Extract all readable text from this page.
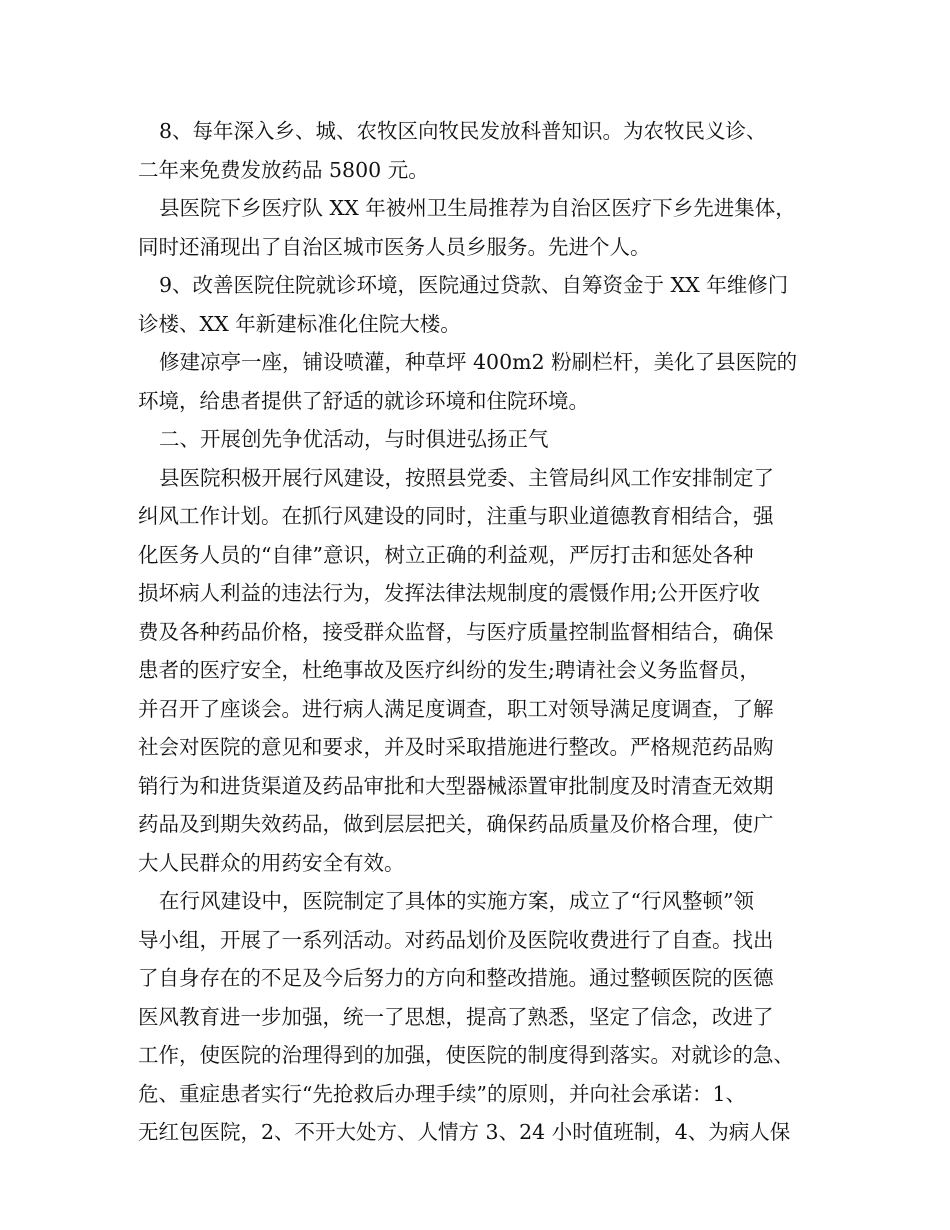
8、每年深入乡、城、农牧区向牧民发放科普知识。为农牧民义诊、
二年来免费发放药品 5800 元。
县医院下乡医疗队 XX 年被州卫生局推荐为自治区医疗下乡先进集体，
同时还涌现出了自治区城市医务人员乡服务。先进个人。
9、改善医院住院就诊环境，医院通过贷款、自筹资金于 XX 年维修门
诊楼、XX 年新建标准化住院大楼。
修建凉亭一座，铺设喷灌，种草坪 400m2 粉刷栏杆，美化了县医院的
环境，给患者提供了舒适的就诊环境和住院环境。
二、开展创先争优活动，与时俱进弘扬正气
县医院积极开展行风建设，按照县党委、主管局纠风工作安排制定了
纠风工作计划。在抓行风建设的同时，注重与职业道德教育相结合，强
化医务人员的“自律”意识，树立正确的利益观，严厉打击和惩处各种
损坏病人利益的违法行为，发挥法律法规制度的震慑作用;公开医疗收
费及各种药品价格，接受群众监督，与医疗质量控制监督相结合，确保
患者的医疗安全，杜绝事故及医疗纠纷的发生;聘请社会义务监督员，
并召开了座谈会。进行病人满足度调查，职工对领导满足度调查，了解
社会对医院的意见和要求，并及时采取措施进行整改。严格规范药品购
销行为和进货渠道及药品审批和大型器械添置审批制度及时清查无效期
药品及到期失效药品，做到层层把关，确保药品质量及价格合理，使广
大人民群众的用药安全有效。
在行风建设中，医院制定了具体的实施方案，成立了“行风整顿”领
导小组，开展了一系列活动。对药品划价及医院收费进行了自查。找出
了自身存在的不足及今后努力的方向和整改措施。通过整顿医院的医德
医风教育进一步加强，统一了思想，提高了熟悉，坚定了信念，改进了
工作，使医院的治理得到的加强，使医院的制度得到落实。对就诊的急、
危、重症患者实行“先抢救后办理手续”的原则，并向社会承诺：1、
无红包医院，2、不开大处方、人情方 3、24 小时值班制，4、为病人保
